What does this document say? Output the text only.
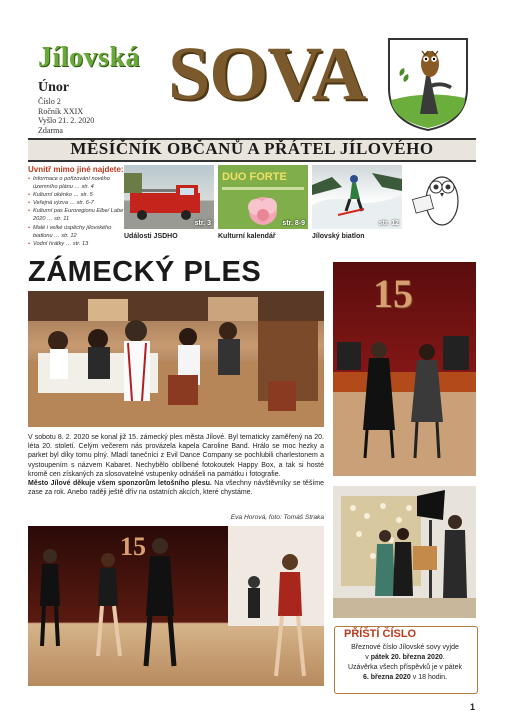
Jílovská SOVA
Únor
Číslo 2
Ročník XXIX
Vyšlo 21. 2. 2020
Zdarma
MĚSÍČNÍK OBČANŮ A PŘÁTEL JÍLOVÉHO
Uvnitř mimo jiné najdete:
• Informace o pořizování nového územního plánu … str. 4
• Kulturní okénko … str. 5
• Veřejná výzva … str. 6-7
• Kulturní pas Euroregionu Elbe/ Labe 2020 … str. 11
• Malé i velké úspěchy jílovského biatlonu … str. 12
• Vodní hrátky … str. 13
str. 3
DUO FORTE
str. 8-9	str. 12
Události JSDHO	Kulturní kalendář	Jílovský biatlon
ZÁMECKÝ PLES	15
V sobotu 8. 2. 2020 se konal již 15. zámecký ples města Jílové. Byl tematicky zaměřený na 20. léta 20. století. Celým večerem nás provázela kapela Caroline Band. Hrálo se moc hezky a parket byl díky tomu plný. Mladí tanečníci z Evil Dance Company se pochlubili charlestonem a vystoupením s názvem Kabaret. Nechybělo oblíbené fotokoutek Happy Box, a tak si hosté kromě cen získaných za slosovatelné vstupenky odnášeli na památku i fotografie.
Město Jílové děkuje všem sponzorům letošního plesu. Na všechny návštěvníky se těšíme zase za rok. Anebo raději ještě dřív na ostatních akcích, které chystáme.
Eva Horová, foto: Tomáš Straka
15
PŘÍŠTÍ ČÍSLO
Březnové číslo Jílovské sovy vyjde
v pátek 20. března 2020.
Uzávěrka všech příspěvků je v pátek
6. března 2020 v 18 hodin.
1
